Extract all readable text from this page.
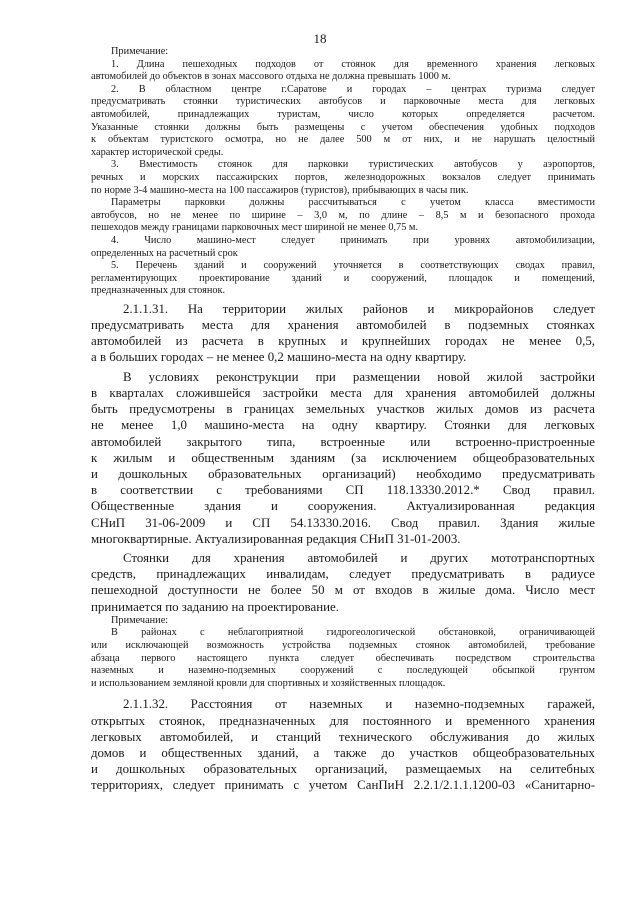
18

Примечание:

1. Длина пешеходных подходов от стоянок для временного хранения легковых

автомобилей до объектов в зонах массового отдыха не должна превышать 1000 м.

2. В областном центре г.Саратове и городах – центрах туризма следует

предусматривать стоянки туристических автобусов и парковочные места для легковых

автомобилей, принадлежащих туристам, число которых определяется расчетом.

Указанные стоянки должны быть размещены с учетом обеспечения удобных подходов

к объектам туристского осмотра, но не далее 500 м от них, и не нарушать целостный

характер исторической среды.

3. Вместимость стоянок для парковки туристических автобусов у аэропортов,

речных и морских пассажирских портов, железнодорожных вокзалов следует принимать

по норме 3-4 машино-места на 100 пассажиров (туристов), прибывающих в часы пик.

Параметры парковки должны рассчитываться с учетом класса вместимости

автобусов, но не менее по ширине – 3,0 м, по длине – 8,5 м и безопасного прохода

пешеходов между границами парковочных мест шириной не менее 0,75 м.

4. Число машино-мест следует принимать при уровнях автомобилизации,

определенных на расчетный срок

5. Перечень зданий и сооружений уточняется в соответствующих сводах правил,

регламентирующих проектирование зданий и сооружений, площадок и помещений,

предназначенных для стоянок.

2.1.1.31. На территории жилых районов и микрорайонов следует

предусматривать места для хранения автомобилей в подземных стоянках

автомобилей из расчета в крупных и крупнейших городах не менее 0,5,

а в больших городах – не менее 0,2 машино-места на одну квартиру.

В условиях реконструкции при размещении новой жилой застройки

в кварталах сложившейся застройки места для хранения автомобилей должны

быть предусмотрены в границах земельных участков жилых домов из расчета

не менее 1,0 машино-места на одну квартиру. Стоянки для легковых

автомобилей закрытого типа, встроенные или встроенно-пристроенные

к жилым и общественным зданиям (за исключением общеобразовательных

и дошкольных образовательных организаций) необходимо предусматривать

в соответствии с требованиями СП 118.13330.2012.* Свод правил.

Общественные здания и сооружения. Актуализированная редакция

СНиП 31-06-2009 и СП 54.13330.2016. Свод правил. Здания жилые

многоквартирные. Актуализированная редакция СНиП 31-01-2003.

Стоянки для хранения автомобилей и других мототранспортных

средств, принадлежащих инвалидам, следует предусматривать в радиусе

пешеходной доступности не более 50 м от входов в жилые дома. Число мест

принимается по заданию на проектирование.

Примечание:

В районах с неблагоприятной гидрогеологической обстановкой, ограничивающей

или исключающей возможность устройства подземных стоянок автомобилей, требование

абзаца первого настоящего пункта следует обеспечивать посредством строительства

наземных и наземно-подземных сооружений с последующей обсыпкой грунтом

и использованием земляной кровли для спортивных и хозяйственных площадок.

2.1.1.32. Расстояния от наземных и наземно-подземных гаражей,

открытых стоянок, предназначенных для постоянного и временного хранения

легковых автомобилей, и станций технического обслуживания до жилых

домов и общественных зданий, а также до участков общеобразовательных

и дошкольных образовательных организаций, размещаемых на селитебных

территориях, следует принимать с учетом СанПиН 2.2.1/2.1.1.1200-03 «Санитарно-
